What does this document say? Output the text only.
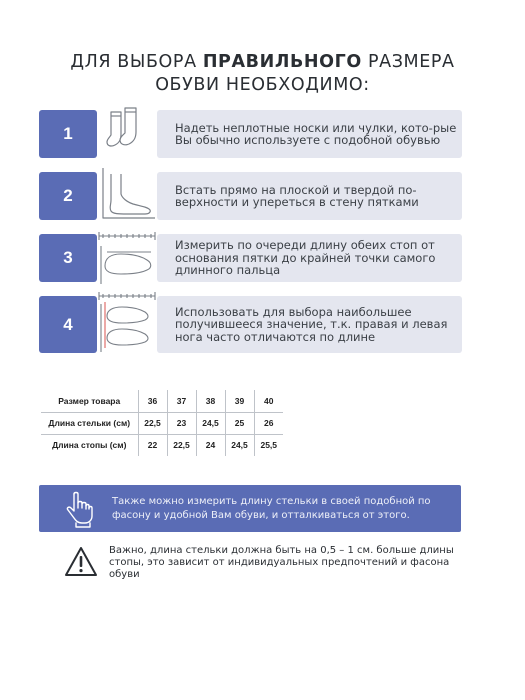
ДЛЯ ВЫБОРА ПРАВИЛЬНОГО РАЗМЕРА
ОБУВИ НЕОБХОДИМО:
1	Надеть неплотные носки или чулки, кото-рые Вы обычно используете с подобной обувью
2	Встать прямо на плоской и твердой по-верхности и упереться в стену пятками
3
Измерить по очереди длину обеих стоп от основания пятки до крайней точки самого длинного пальца
4
Использовать для выбора наибольшее получившееся значение, т.к. правая и левая нога часто отличаются по длине
Размер товара	36	37	38	39	40
Длина стельки (см)	22,5	23	24,5	25	26
Длина стопы (см)	22	22,5	24	24,5	25,5
Также можно измерить длину стельки в своей подобной по фасону и удобной Вам обуви, и отталкиваться от этого.
Важно, длина стельки должна быть на 0,5 – 1 см. больше длины стопы, это зависит от индивидуальных предпочтений и фасона обуви
